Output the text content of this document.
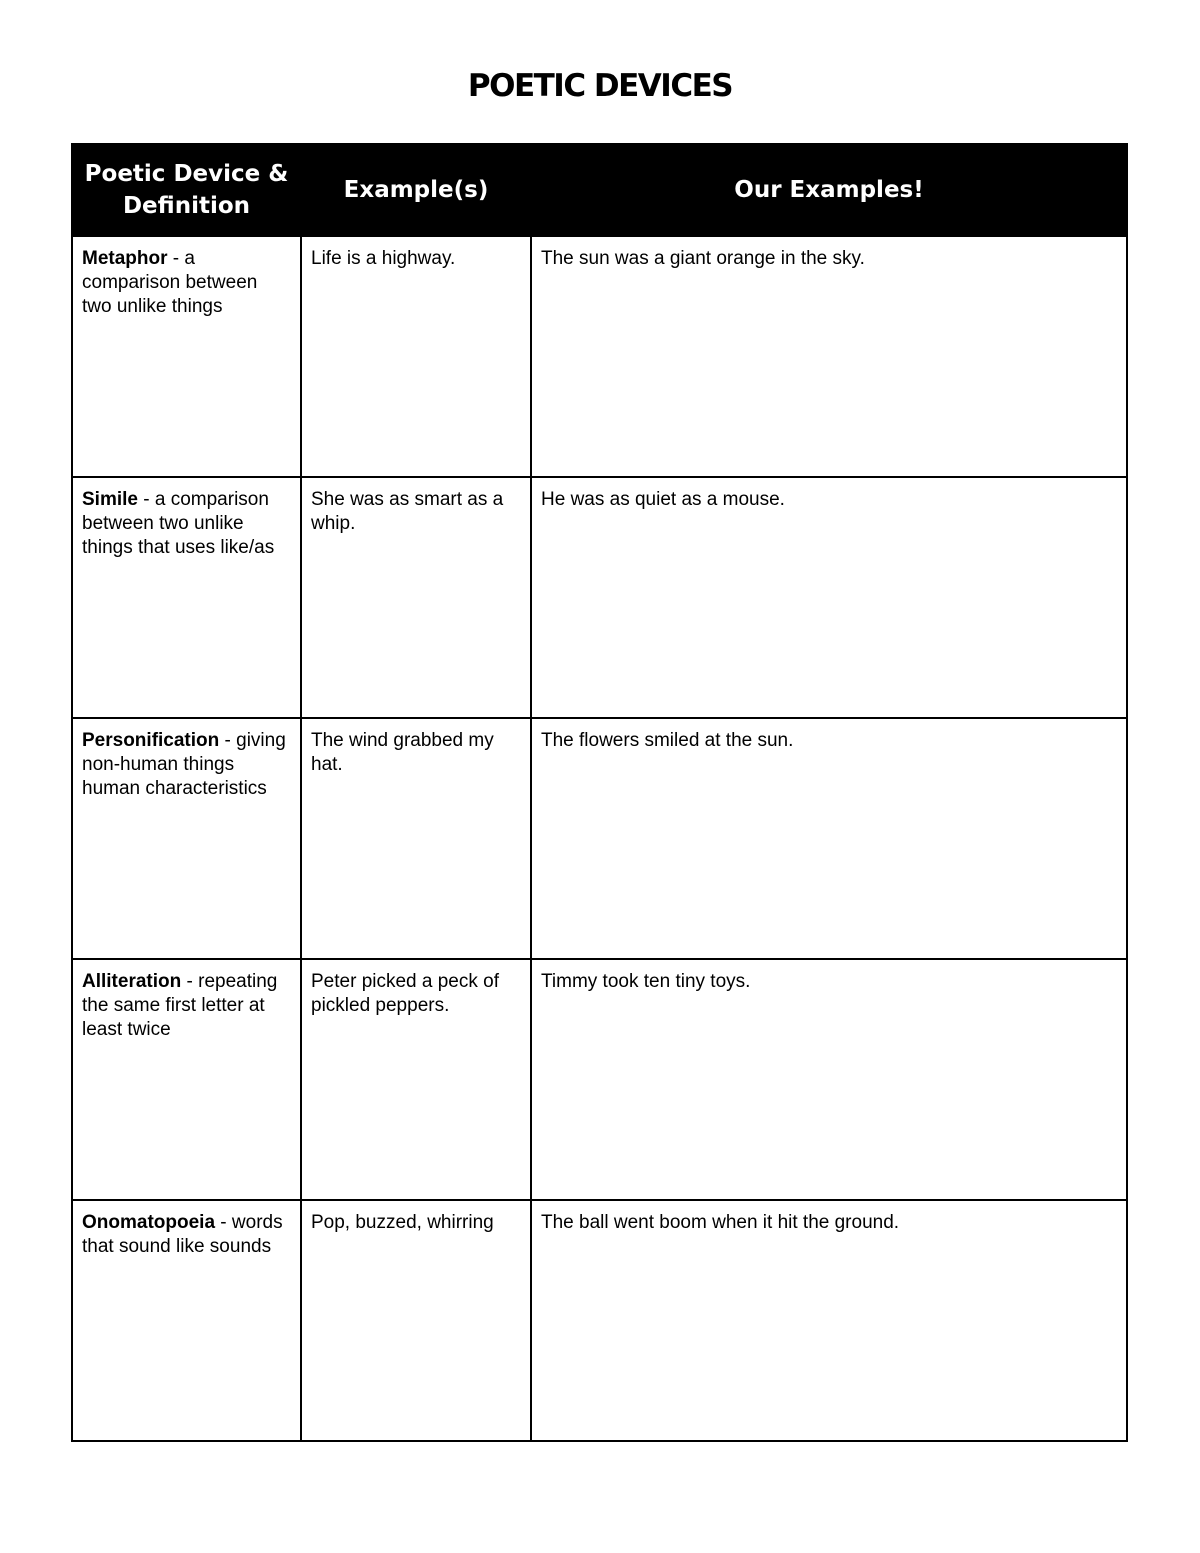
POETIC DEVICES
Poetic Device & Definition	Example(s)	Our Examples!
Metaphor - a comparison between two unlike things	Life is a highway.	The sun was a giant orange in the sky.
Simile - a comparison between two unlike things that uses like/as	She was as smart as a whip.	He was as quiet as a mouse.
Personification - giving non-human things human characteristics	The wind grabbed my hat.	The flowers smiled at the sun.
Alliteration - repeating the same first letter at least twice	Peter picked a peck of pickled peppers.	Timmy took ten tiny toys.
Onomatopoeia - words that sound like sounds	Pop, buzzed, whirring	The ball went boom when it hit the ground.
